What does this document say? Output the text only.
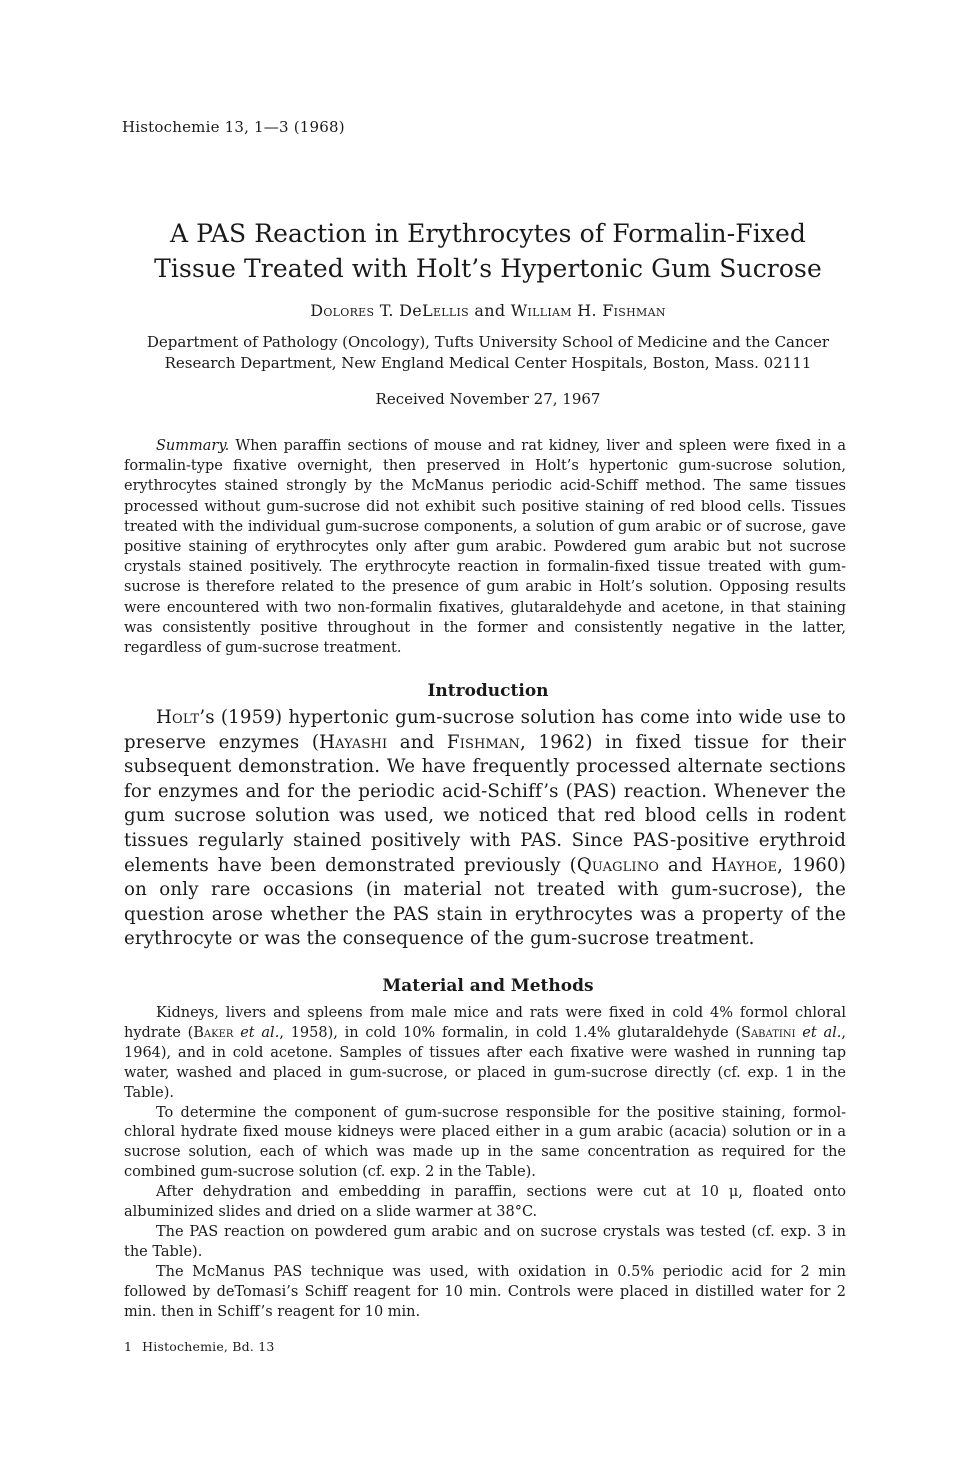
Histochemie 13, 1—3 (1968)
A PAS Reaction in Erythrocytes of Formalin-Fixed
Tissue Treated with Holt’s Hypertonic Gum Sucrose
Dolores T. DeLellis and William H. Fishman
Department of Pathology (Oncology), Tufts University School of Medicine and the Cancer
Research Department, New England Medical Center Hospitals, Boston, Mass. 02111
Received November 27, 1967

Summary. When paraffin sections of mouse and rat kidney, liver and spleen were fixed in a formalin-type fixative overnight, then preserved in Holt’s hypertonic gum-sucrose solution, erythrocytes stained strongly by the McManus periodic acid-Schiff method. The same tissues processed without gum-sucrose did not exhibit such positive staining of red blood cells. Tissues treated with the individual gum-sucrose components, a solution of gum arabic or of sucrose, gave positive staining of erythrocytes only after gum arabic. Powdered gum arabic but not sucrose crystals stained positively. The erythrocyte reaction in formalin-fixed tissue treated with gum-sucrose is therefore related to the presence of gum arabic in Holt’s solution. Opposing results were encountered with two non-formalin fixatives, glutaraldehyde and acetone, in that staining was consistently positive throughout in the former and consistently negative in the latter, regardless of gum-sucrose treatment.

Introduction

Holt’s (1959) hypertonic gum-sucrose solution has come into wide use to preserve enzymes (Hayashi and Fishman, 1962) in fixed tissue for their subsequent demonstration. We have frequently processed alternate sections for enzymes and for the periodic acid-Schiff’s (PAS) reaction. Whenever the gum sucrose solution was used, we noticed that red blood cells in rodent tissues regularly stained positively with PAS. Since PAS-positive erythroid elements have been demonstrated previously (Quaglino and Hayhoe, 1960) on only rare occasions (in material not treated with gum-sucrose), the question arose whether the PAS stain in erythrocytes was a property of the erythrocyte or was the consequence of the gum-sucrose treatment.

Material and Methods

Kidneys, livers and spleens from male mice and rats were fixed in cold 4% formol chloral hydrate (Baker et al., 1958), in cold 10% formalin, in cold 1.4% glutaraldehyde (Sabatini et al., 1964), and in cold acetone. Samples of tissues after each fixative were washed in running tap water, washed and placed in gum-sucrose, or placed in gum-sucrose directly (cf. exp. 1 in the Table).

To determine the component of gum-sucrose responsible for the positive staining, formol-chloral hydrate fixed mouse kidneys were placed either in a gum arabic (acacia) solution or in a sucrose solution, each of which was made up in the same concentration as required for the combined gum-sucrose solution (cf. exp. 2 in the Table).

After dehydration and embedding in paraffin, sections were cut at 10 μ, floated onto albuminized slides and dried on a slide warmer at 38°C.

The PAS reaction on powdered gum arabic and on sucrose crystals was tested (cf. exp. 3 in the Table).

The McManus PAS technique was used, with oxidation in 0.5% periodic acid for 2 min followed by deTomasi’s Schiff reagent for 10 min. Controls were placed in distilled water for 2 min. then in Schiff’s reagent for 10 min.

1 Histochemie, Bd. 13
